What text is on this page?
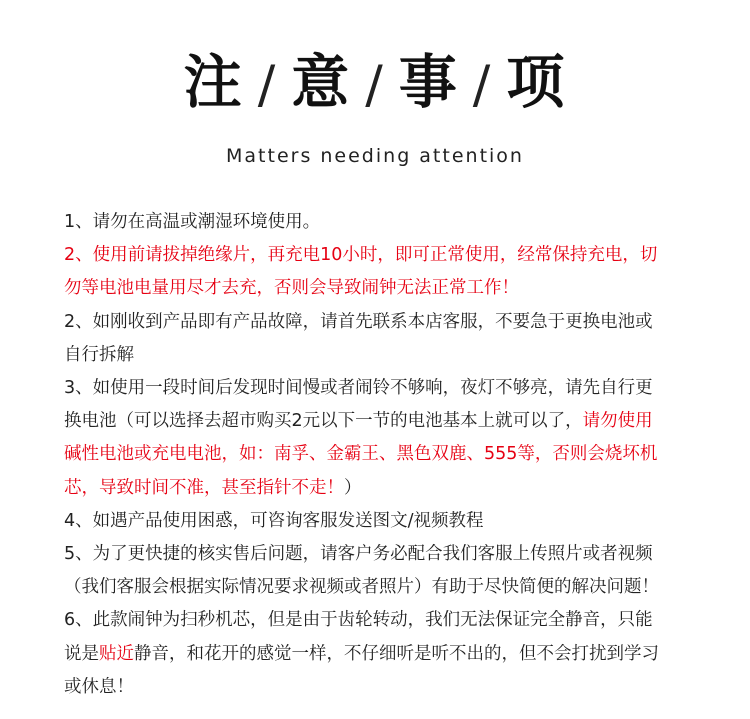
注 / 意 / 事 / 项
Matters needing attention
1、请勿在高温或潮湿环境使用。
2、使用前请拔掉绝缘片，再充电10小时，即可正常使用，经常保持充电，切
勿等电池电量用尽才去充，否则会导致闹钟无法正常工作！
2、如刚收到产品即有产品故障，请首先联系本店客服，不要急于更换电池或
自行拆解
3、如使用一段时间后发现时间慢或者闹铃不够响，夜灯不够亮，请先自行更
换电池（可以选择去超市购买2元以下一节的电池基本上就可以了，请勿使用
碱性电池或充电电池，如：南孚、金霸王、黑色双鹿、555等，否则会烧坏机
芯，导致时间不准，甚至指针不走！）
4、如遇产品使用困惑，可咨询客服发送图文/视频教程
5、为了更快捷的核实售后问题，请客户务必配合我们客服上传照片或者视频
（我们客服会根据实际情况要求视频或者照片）有助于尽快简便的解决问题！
6、此款闹钟为扫秒机芯，但是由于齿轮转动，我们无法保证完全静音，只能
说是贴近静音，和花开的感觉一样，不仔细听是听不出的，但不会打扰到学习
或休息！
